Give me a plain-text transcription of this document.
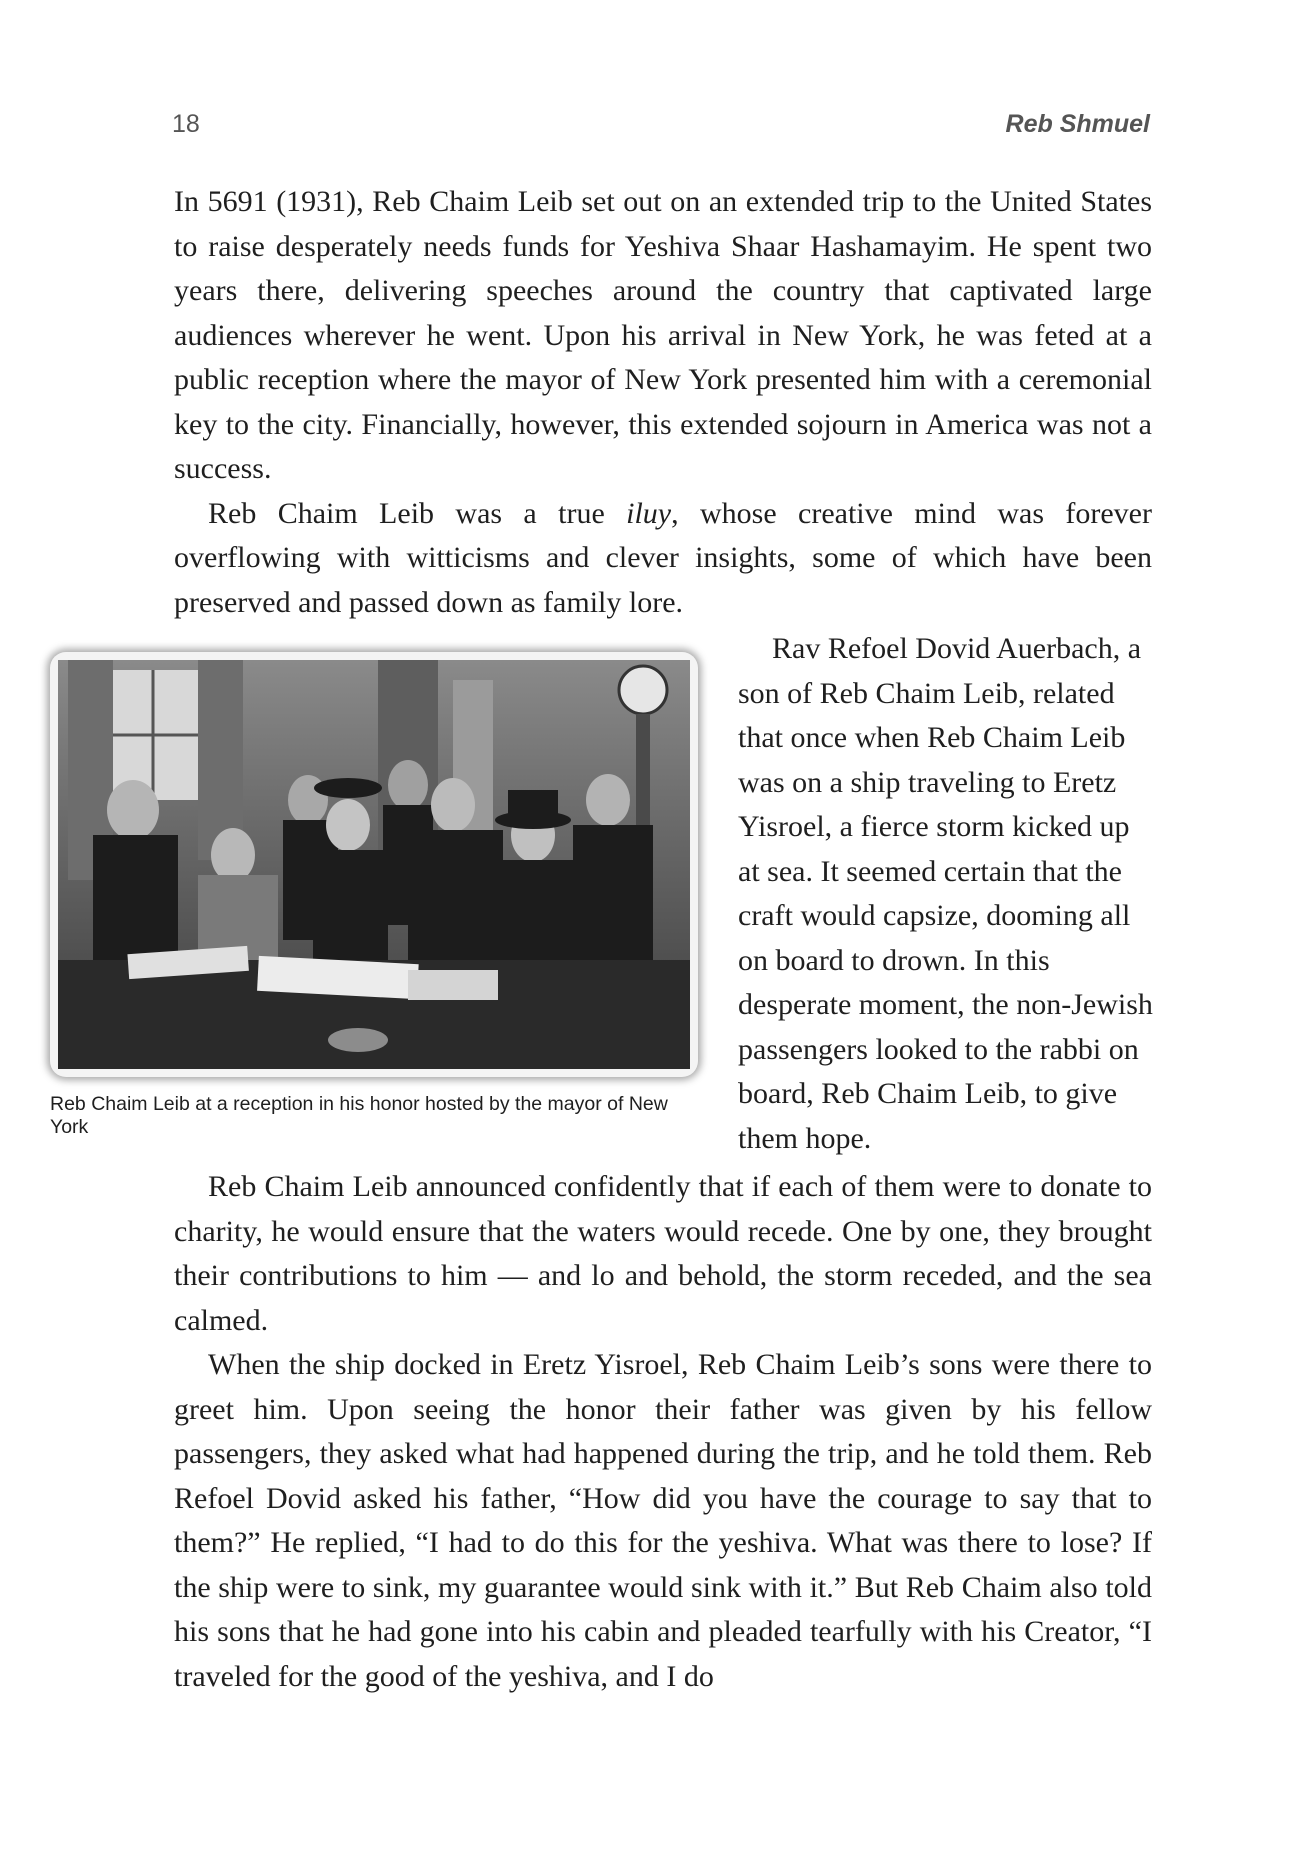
18	Reb Shmuel

In 5691 (1931), Reb Chaim Leib set out on an extended trip to the United States to raise desperately needs funds for Yeshiva Shaar Hashamayim. He spent two years there, delivering speeches around the country that captivated large audiences wherever he went. Upon his arrival in New York, he was feted at a public reception where the mayor of New York presented him with a ceremonial key to the city. Financially, however, this extended sojourn in America was not a success.

Reb Chaim Leib was a true iluy, whose creative mind was forever overflowing with witticisms and clever insights, some of which have been preserved and passed down as family lore.

Reb Chaim Leib at a reception in his honor hosted by the mayor of New York

Rav Refoel Dovid Auerbach, a son of Reb Chaim Leib, related that once when Reb Chaim Leib was on a ship traveling to Eretz Yisroel, a fierce storm kicked up at sea. It seemed certain that the craft would capsize, dooming all on board to drown. In this desperate moment, the non-Jewish passengers looked to the rabbi on board, Reb Chaim Leib, to give them hope.

Reb Chaim Leib announced confidently that if each of them were to donate to charity, he would ensure that the waters would recede. One by one, they brought their contributions to him — and lo and behold, the storm receded, and the sea calmed.

When the ship docked in Eretz Yisroel, Reb Chaim Leib’s sons were there to greet him. Upon seeing the honor their father was given by his fellow passengers, they asked what had happened during the trip, and he told them. Reb Refoel Dovid asked his father, “How did you have the courage to say that to them?” He replied, “I had to do this for the yeshiva. What was there to lose? If the ship were to sink, my guarantee would sink with it.” But Reb Chaim also told his sons that he had gone into his cabin and pleaded tearfully with his Creator, “I traveled for the good of the yeshiva, and I do
